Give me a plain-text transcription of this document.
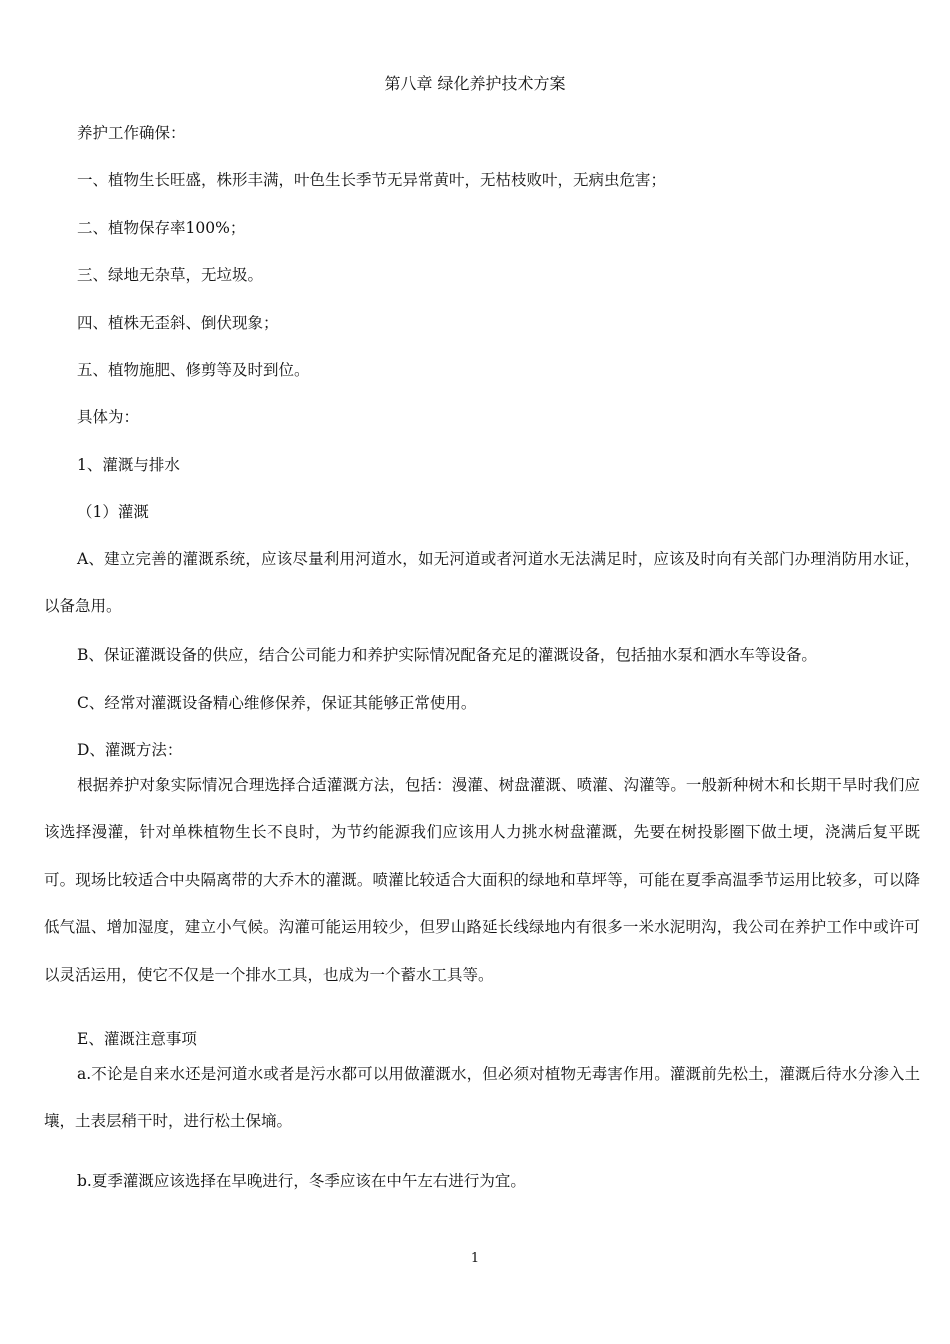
第八章 绿化养护技术方案

养护工作确保：

一、植物生长旺盛，株形丰满，叶色生长季节无异常黄叶，无枯枝败叶，无病虫危害；

二、植物保存率100%；

三、绿地无杂草，无垃圾。

四、植株无歪斜、倒伏现象；

五、植物施肥、修剪等及时到位。

具体为：

1、灌溉与排水

（1）灌溉

A、建立完善的灌溉系统，应该尽量利用河道水，如无河道或者河道水无法满足时，应该及时向有关部门办理消防用水证，以备急用。

B、保证灌溉设备的供应，结合公司能力和养护实际情况配备充足的灌溉设备，包括抽水泵和洒水车等设备。

C、经常对灌溉设备精心维修保养，保证其能够正常使用。

D、灌溉方法：

根据养护对象实际情况合理选择合适灌溉方法，包括：漫灌、树盘灌溉、喷灌、沟灌等。一般新种树木和长期干旱时我们应该选择漫灌，针对单株植物生长不良时，为节约能源我们应该用人力挑水树盘灌溉，先要在树投影圈下做土埂，浇满后复平既可。现场比较适合中央隔离带的大乔木的灌溉。喷灌比较适合大面积的绿地和草坪等，可能在夏季高温季节运用比较多，可以降低气温、增加湿度，建立小气候。沟灌可能运用较少，但罗山路延长线绿地内有很多一米水泥明沟，我公司在养护工作中或许可以灵活运用，使它不仅是一个排水工具，也成为一个蓄水工具等。

E、灌溉注意事项

a.不论是自来水还是河道水或者是污水都可以用做灌溉水，但必须对植物无毒害作用。灌溉前先松土，灌溉后待水分渗入土壤，土表层稍干时，进行松土保墒。

b.夏季灌溉应该选择在早晚进行，冬季应该在中午左右进行为宜。

1
